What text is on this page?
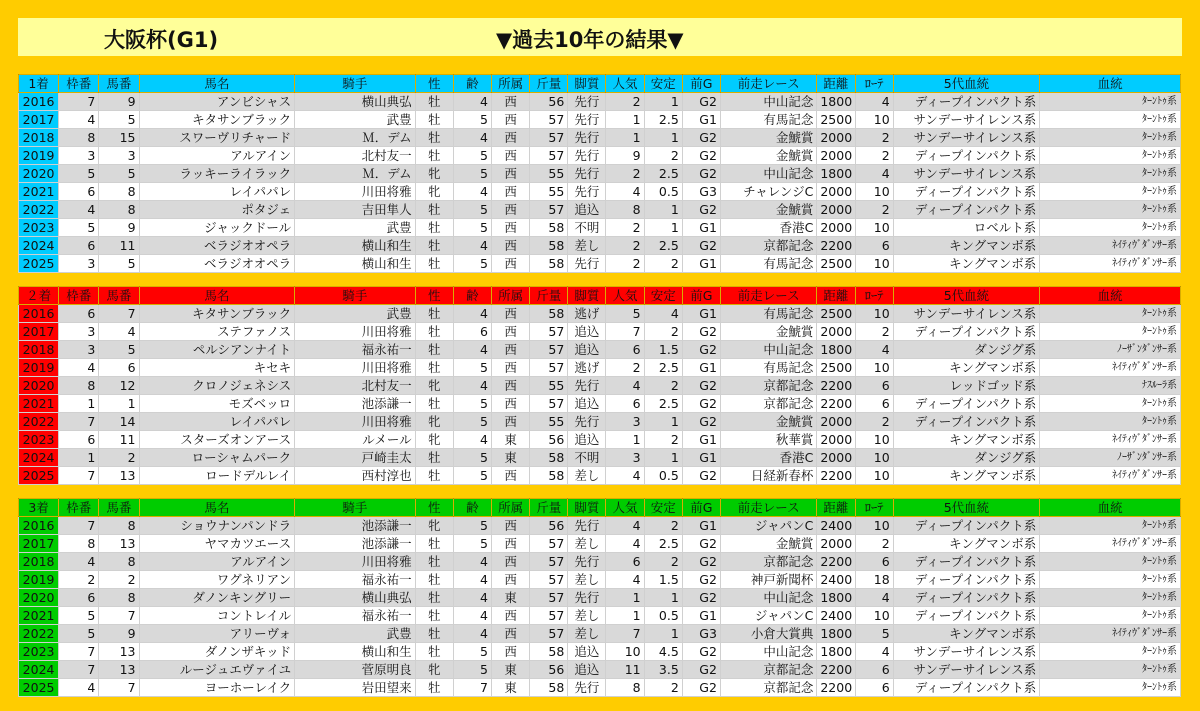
大阪杯(G1)	▼過去10年の結果▼
1着	枠番	馬番	馬名	騎手	性	齢	所属	斤量	脚質	人気	安定	前G	前走レース	距離	ﾛｰﾃ	5代血統	血統
2016	7	9	アンビシャス	横山典弘	牡	4	西	56	先行	2	1	G2	中山記念	1800	4	ディープインパクト系	ﾀｰﾝﾄｩ系
2017	4	5	キタサンブラック	武豊	牡	5	西	57	先行	1	2.5	G1	有馬記念	2500	10	サンデーサイレンス系	ﾀｰﾝﾄｩ系
2018	8	15	スワーヴリチャード	Ｍ．デム	牡	4	西	57	先行	1	1	G2	金鯱賞	2000	2	サンデーサイレンス系	ﾀｰﾝﾄｩ系
2019	3	3	アルアイン	北村友一	牡	5	西	57	先行	9	2	G2	金鯱賞	2000	2	ディープインパクト系	ﾀｰﾝﾄｩ系
2020	5	5	ラッキーライラック	Ｍ．デム	牝	5	西	55	先行	2	2.5	G2	中山記念	1800	4	サンデーサイレンス系	ﾀｰﾝﾄｩ系
2021	6	8	レイパパレ	川田将雅	牝	4	西	55	先行	4	0.5	G3	チャレンジC	2000	10	ディープインパクト系	ﾀｰﾝﾄｩ系
2022	4	8	ポタジェ	吉田隼人	牡	5	西	57	追込	8	1	G2	金鯱賞	2000	2	ディープインパクト系	ﾀｰﾝﾄｩ系
2023	5	9	ジャックドール	武豊	牡	5	西	58	不明	2	1	G1	香港C	2000	10	ロベルト系	ﾀｰﾝﾄｩ系
2024	6	11	ベラジオオペラ	横山和生	牡	4	西	58	差し	2	2.5	G2	京都記念	2200	6	キングマンボ系	ﾈｲﾃｨｳﾞﾀﾞﾝｻｰ系
2025	3	5	ベラジオオペラ	横山和生	牡	5	西	58	先行	2	2	G1	有馬記念	2500	10	キングマンボ系	ﾈｲﾃｨｳﾞﾀﾞﾝｻｰ系
２着	枠番	馬番	馬名	騎手	性	齢	所属	斤量	脚質	人気	安定	前G	前走レース	距離	ﾛｰﾃ	5代血統	血統
2016	6	7	キタサンブラック	武豊	牡	4	西	58	逃げ	5	4	G1	有馬記念	2500	10	サンデーサイレンス系	ﾀｰﾝﾄｩ系
2017	3	4	ステファノス	川田将雅	牡	6	西	57	追込	7	2	G2	金鯱賞	2000	2	ディープインパクト系	ﾀｰﾝﾄｩ系
2018	3	5	ペルシアンナイト	福永祐一	牡	4	西	57	追込	6	1.5	G2	中山記念	1800	4	ダンジグ系	ﾉｰｻﾞﾝﾀﾞﾝｻｰ系
2019	4	6	キセキ	川田将雅	牡	5	西	57	逃げ	2	2.5	G1	有馬記念	2500	10	キングマンボ系	ﾈｲﾃｨｳﾞﾀﾞﾝｻｰ系
2020	8	12	クロノジェネシス	北村友一	牝	4	西	55	先行	4	2	G2	京都記念	2200	6	レッドゴッド系	ﾅｽﾙｰﾗ系
2021	1	1	モズベッロ	池添謙一	牡	5	西	57	追込	6	2.5	G2	京都記念	2200	6	ディープインパクト系	ﾀｰﾝﾄｩ系
2022	7	14	レイパパレ	川田将雅	牝	5	西	55	先行	3	1	G2	金鯱賞	2000	2	ディープインパクト系	ﾀｰﾝﾄｩ系
2023	6	11	スターズオンアース	ルメール	牝	4	東	56	追込	1	2	G1	秋華賞	2000	10	キングマンボ系	ﾈｲﾃｨｳﾞﾀﾞﾝｻｰ系
2024	1	2	ローシャムパーク	戸崎圭太	牡	5	東	58	不明	3	1	G1	香港C	2000	10	ダンジグ系	ﾉｰｻﾞﾝﾀﾞﾝｻｰ系
2025	7	13	ロードデルレイ	西村淳也	牡	5	西	58	差し	4	0.5	G2	日経新春杯	2200	10	キングマンボ系	ﾈｲﾃｨｳﾞﾀﾞﾝｻｰ系
3着	枠番	馬番	馬名	騎手	性	齢	所属	斤量	脚質	人気	安定	前G	前走レース	距離	ﾛｰﾃ	5代血統	血統
2016	7	8	ショウナンパンドラ	池添謙一	牝	5	西	56	先行	4	2	G1	ジャパンC	2400	10	ディープインパクト系	ﾀｰﾝﾄｩ系
2017	8	13	ヤマカツエース	池添謙一	牡	5	西	57	差し	4	2.5	G2	金鯱賞	2000	2	キングマンボ系	ﾈｲﾃｨｳﾞﾀﾞﾝｻｰ系
2018	4	8	アルアイン	川田将雅	牡	4	西	57	先行	6	2	G2	京都記念	2200	6	ディープインパクト系	ﾀｰﾝﾄｩ系
2019	2	2	ワグネリアン	福永祐一	牡	4	西	57	差し	4	1.5	G2	神戸新聞杯	2400	18	ディープインパクト系	ﾀｰﾝﾄｩ系
2020	6	8	ダノンキングリー	横山典弘	牡	4	東	57	先行	1	1	G2	中山記念	1800	4	ディープインパクト系	ﾀｰﾝﾄｩ系
2021	5	7	コントレイル	福永祐一	牡	4	西	57	差し	1	0.5	G1	ジャパンC	2400	10	ディープインパクト系	ﾀｰﾝﾄｩ系
2022	5	9	アリーヴォ	武豊	牡	4	西	57	差し	7	1	G3	小倉大賞典	1800	5	キングマンボ系	ﾈｲﾃｨｳﾞﾀﾞﾝｻｰ系
2023	7	13	ダノンザキッド	横山和生	牡	5	西	58	追込	10	4.5	G2	中山記念	1800	4	サンデーサイレンス系	ﾀｰﾝﾄｩ系
2024	7	13	ルージュエヴァイユ	菅原明良	牝	5	東	56	追込	11	3.5	G2	京都記念	2200	6	サンデーサイレンス系	ﾀｰﾝﾄｩ系
2025	4	7	ヨーホーレイク	岩田望来	牡	7	東	58	先行	8	2	G2	京都記念	2200	6	ディープインパクト系	ﾀｰﾝﾄｩ系
